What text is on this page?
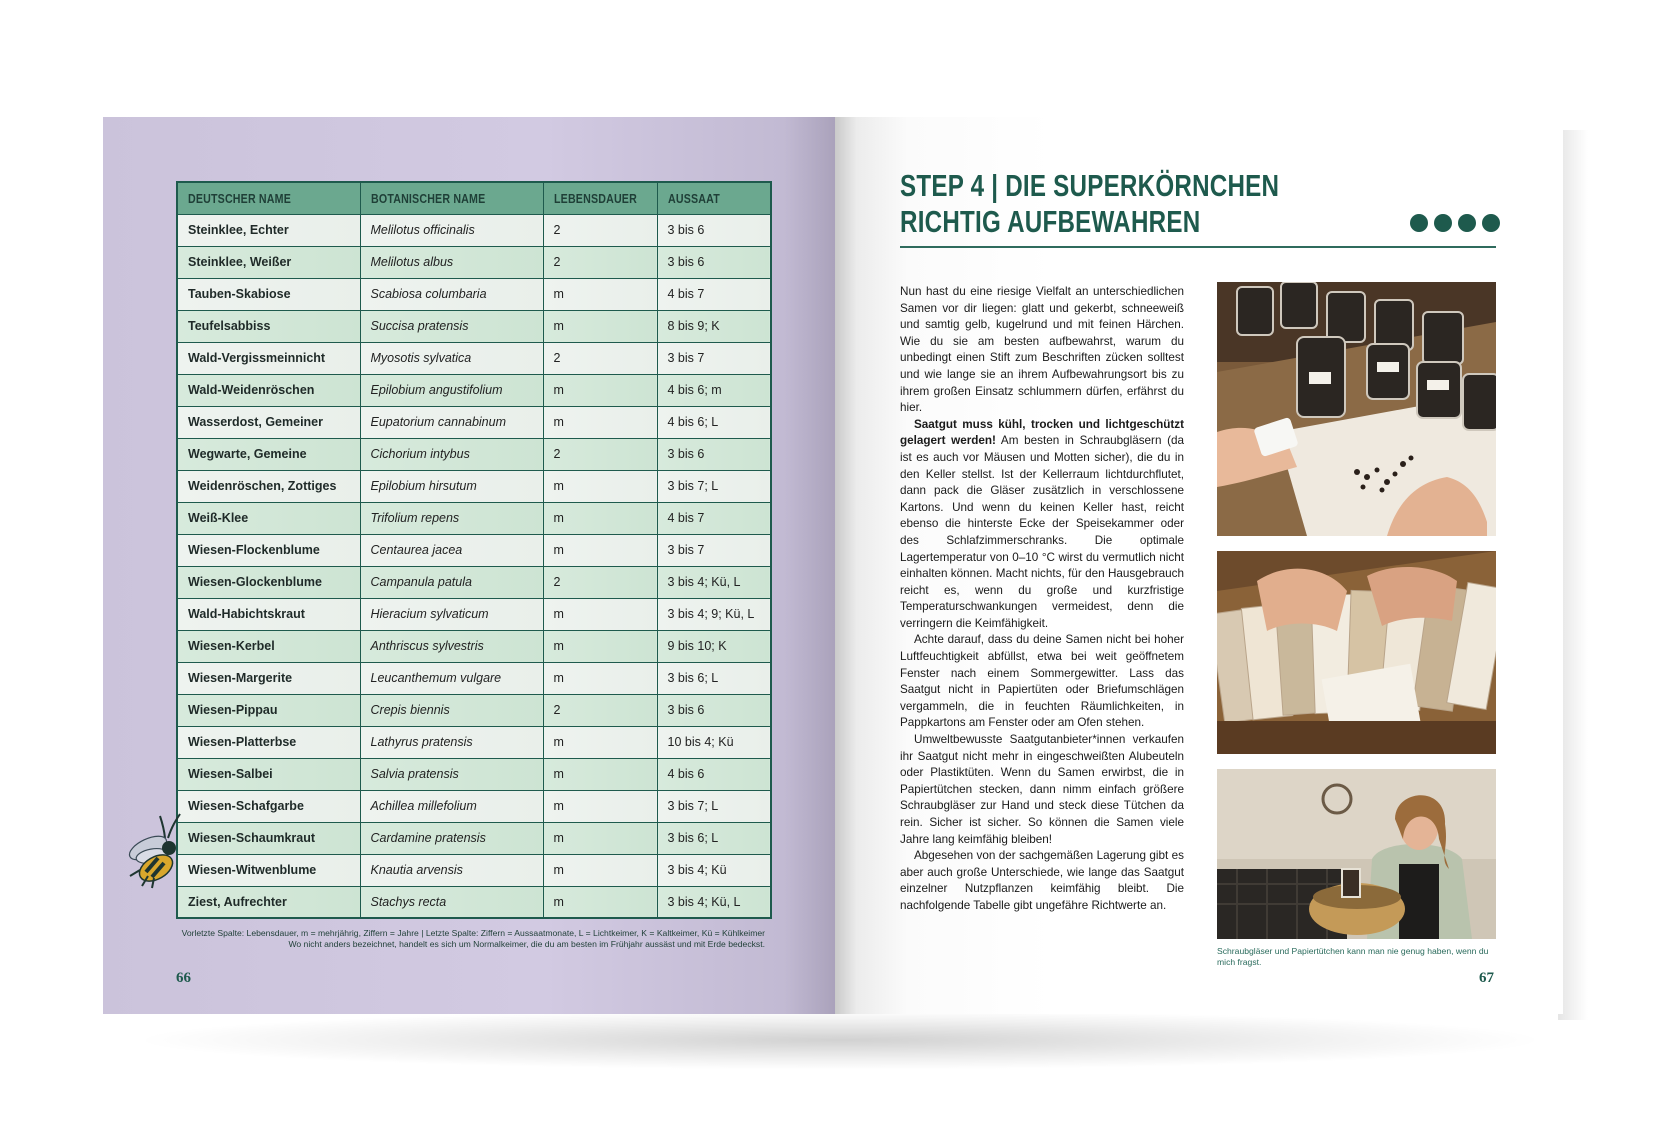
DEUTSCHER NAME	BOTANISCHER NAME	LEBENSDAUER	AUSSAAT
Steinklee, Echter	Melilotus officinalis	2	3 bis 6
Steinklee, Weißer	Melilotus albus	2	3 bis 6
Tauben-Skabiose	Scabiosa columbaria	m	4 bis 7
Teufelsabbiss	Succisa pratensis	m	8 bis 9; K
Wald-Vergissmeinnicht	Myosotis sylvatica	2	3 bis 7
Wald-Weidenröschen	Epilobium angustifolium	m	4 bis 6; m
Wasserdost, Gemeiner	Eupatorium cannabinum	m	4 bis 6; L
Wegwarte, Gemeine	Cichorium intybus	2	3 bis 6
Weidenröschen, Zottiges	Epilobium hirsutum	m	3 bis 7; L
Weiß-Klee	Trifolium repens	m	4 bis 7
Wiesen-Flockenblume	Centaurea jacea	m	3 bis 7
Wiesen-Glockenblume	Campanula patula	2	3 bis 4; Kü, L
Wald-Habichtskraut	Hieracium sylvaticum	m	3 bis 4; 9; Kü, L
Wiesen-Kerbel	Anthriscus sylvestris	m	9 bis 10; K
Wiesen-Margerite	Leucanthemum vulgare	m	3 bis 6; L
Wiesen-Pippau	Crepis biennis	2	3 bis 6
Wiesen-Platterbse	Lathyrus pratensis	m	10 bis 4; Kü
Wiesen-Salbei	Salvia pratensis	m	4 bis 6
Wiesen-Schafgarbe	Achillea millefolium	m	3 bis 7; L
Wiesen-Schaumkraut	Cardamine pratensis	m	3 bis 6; L
Wiesen-Witwenblume	Knautia arvensis	m	3 bis 4; Kü
Ziest, Aufrechter	Stachys recta	m	3 bis 4; Kü, L
Vorletzte Spalte: Lebensdauer, m = mehrjährig, Ziffern = Jahre | Letzte Spalte: Ziffern = Aussaatmonate, L = Lichtkeimer, K = Kaltkeimer, Kü = Kühlkeimer
Wo nicht anders bezeichnet, handelt es sich um Normalkeimer, die du am besten im Frühjahr aussäst und mit Erde bedeckst.
66
STEP 4 | DIE SUPERKÖRNCHEN
RICHTIG AUFBEWAHREN

Nun hast du eine riesige Vielfalt an unterschiedlichen Samen vor dir liegen: glatt und gekerbt, schneeweiß und samtig gelb, kugelrund und mit feinen Härchen. Wie du sie am besten aufbewahrst, warum du unbedingt einen Stift zum Beschriften zücken solltest und wie lange sie an ihrem Aufbewahrungsort bis zu ihrem großen Einsatz schlummern dürfen, erfährst du hier.

Saatgut muss kühl, trocken und lichtgeschützt gelagert werden! Am besten in Schraubgläsern (da ist es auch vor Mäusen und Motten sicher), die du in den Keller stellst. Ist der Kellerraum lichtdurchflutet, dann pack die Gläser zusätzlich in verschlossene Kartons. Und wenn du keinen Keller hast, reicht ebenso die hinterste Ecke der Speisekammer oder des Schlafzimmerschranks. Die optimale Lagertemperatur von 0–10 °C wirst du vermutlich nicht einhalten können. Macht nichts, für den Hausgebrauch reicht es, wenn du große und kurzfristige Temperaturschwankungen vermeidest, denn die verringern die Keimfähigkeit.

Achte darauf, dass du deine Samen nicht bei hoher Luftfeuchtigkeit abfüllst, etwa bei weit geöffnetem Fenster nach einem Sommergewitter. Lass das Saatgut nicht in Papiertüten oder Briefumschlägen vergammeln, die in feuchten Räumlichkeiten, in Pappkartons am Fenster oder am Ofen stehen.

Umweltbewusste Saatgutanbieter*innen verkaufen ihr Saatgut nicht mehr in eingeschweißten Alubeuteln oder Plastiktüten. Wenn du Samen erwirbst, die in Papiertütchen stecken, dann nimm einfach größere Schraubgläser zur Hand und steck diese Tütchen da rein. Sicher ist sicher. So können die Samen viele Jahre lang keimfähig bleiben!

Abgesehen von der sachgemäßen Lagerung gibt es aber auch große Unterschiede, wie lange das Saatgut einzelner Nutzpflanzen keimfähig bleibt. Die nachfolgende Tabelle gibt ungefähre Richtwerte an.

Schraubgläser und Papiertütchen kann man nie genug haben, wenn du mich fragst.
67
